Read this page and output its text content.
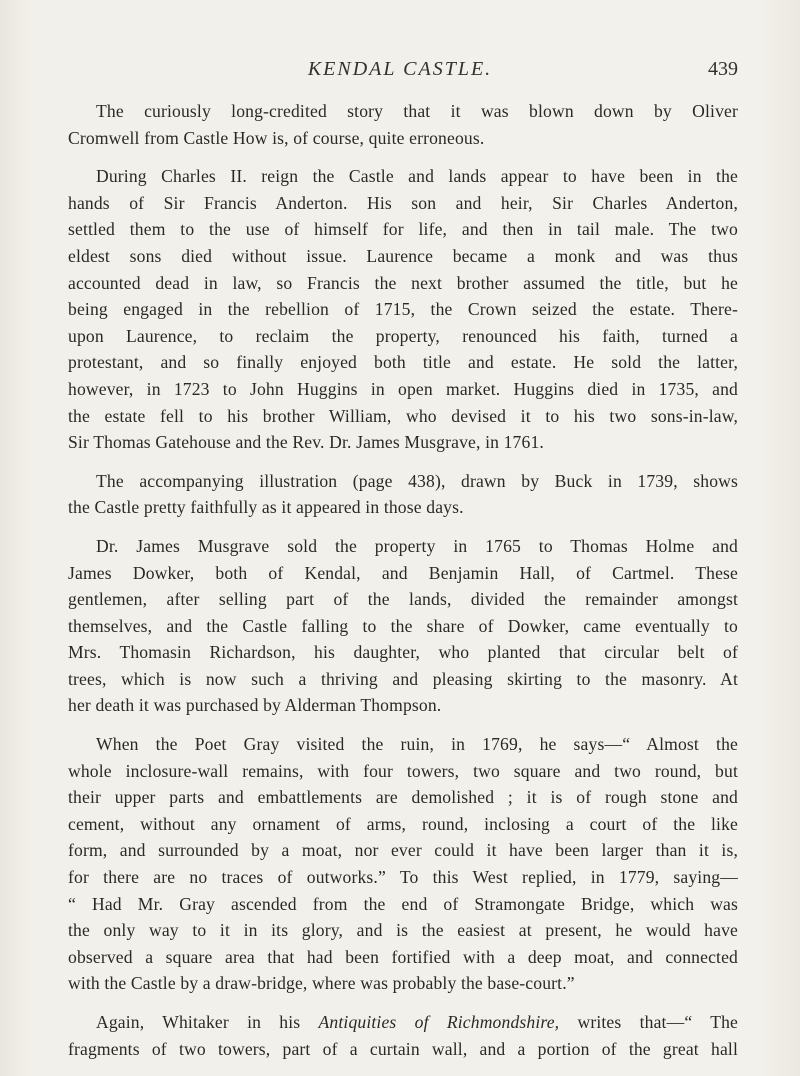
KENDAL CASTLE.	439
The curiously long-credited story that it was blown down by Oliver
Cromwell from Castle How is, of course, quite erroneous.
During Charles II. reign the Castle and lands appear to have been in the
hands of Sir Francis Anderton. His son and heir, Sir Charles Anderton,
settled them to the use of himself for life, and then in tail male. The two
eldest sons died without issue. Laurence became a monk and was thus
accounted dead in law, so Francis the next brother assumed the title, but he
being engaged in the rebellion of 1715, the Crown seized the estate. There-
upon Laurence, to reclaim the property, renounced his faith, turned a
protestant, and so finally enjoyed both title and estate. He sold the latter,
however, in 1723 to John Huggins in open market. Huggins died in 1735, and
the estate fell to his brother William, who devised it to his two sons-in-law,
Sir Thomas Gatehouse and the Rev. Dr. James Musgrave, in 1761.
The accompanying illustration (page 438), drawn by Buck in 1739, shows
the Castle pretty faithfully as it appeared in those days.
Dr. James Musgrave sold the property in 1765 to Thomas Holme and
James Dowker, both of Kendal, and Benjamin Hall, of Cartmel. These
gentlemen, after selling part of the lands, divided the remainder amongst
themselves, and the Castle falling to the share of Dowker, came eventually to
Mrs. Thomasin Richardson, his daughter, who planted that circular belt of
trees, which is now such a thriving and pleasing skirting to the masonry. At
her death it was purchased by Alderman Thompson.
When the Poet Gray visited the ruin, in 1769, he says—“ Almost the
whole inclosure-wall remains, with four towers, two square and two round, but
their upper parts and embattlements are demolished ; it is of rough stone and
cement, without any ornament of arms, round, inclosing a court of the like
form, and surrounded by a moat, nor ever could it have been larger than it is,
for there are no traces of outworks.” To this West replied, in 1779, saying—
“ Had Mr. Gray ascended from the end of Stramongate Bridge, which was
the only way to it in its glory, and is the easiest at present, he would have
observed a square area that had been fortified with a deep moat, and connected
with the Castle by a draw-bridge, where was probably the base-court.”
Again, Whitaker in his Antiquities of Richmondshire, writes that—“ The
fragments of two towers, part of a curtain wall, and a portion of the great hall
